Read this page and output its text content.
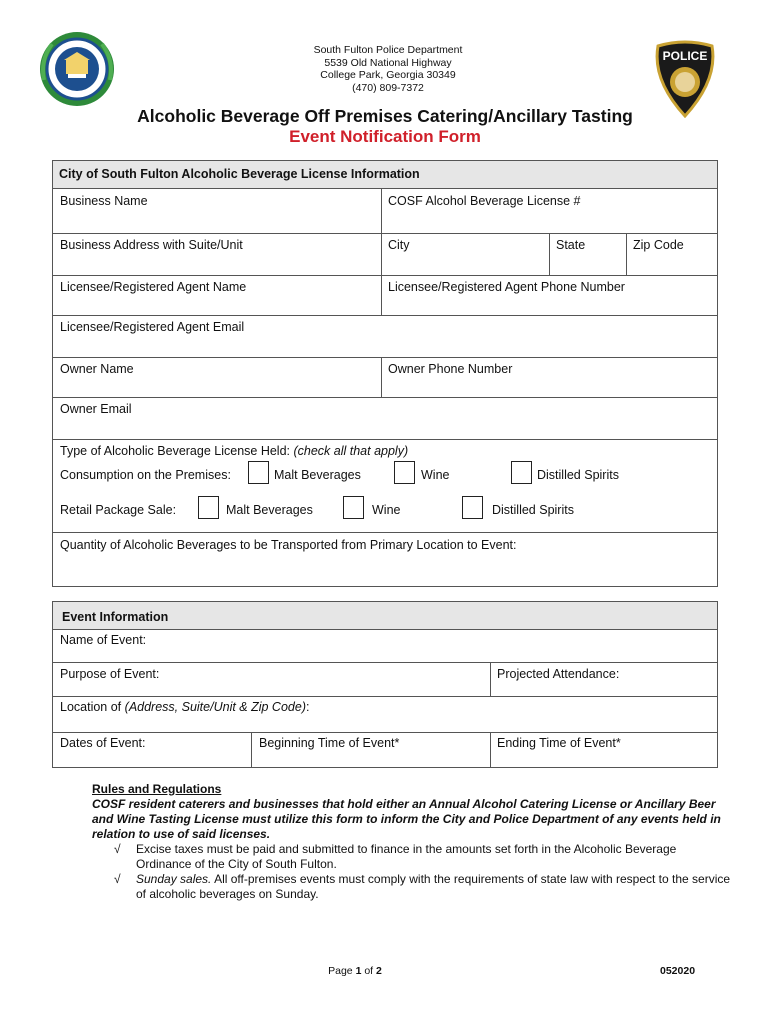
POLICE
South Fulton Police Department
5539 Old National Highway
College Park, Georgia 30349
(470) 809-7372
Alcoholic Beverage Off Premises Catering/Ancillary Tasting
Event Notification Form
City of South Fulton Alcoholic Beverage License Information
Business Name	COSF Alcohol Beverage License #
Business Address with Suite/Unit	City	State	Zip Code
Licensee/Registered Agent Name	Licensee/Registered Agent Phone Number
Licensee/Registered Agent Email
Owner Name	Owner Phone Number
Owner Email
Type of Alcoholic Beverage License Held: (check all that apply)
Consumption on the Premises:	Malt Beverages	Wine	Distilled Spirits
Retail Package Sale:	Malt Beverages	Wine	Distilled Spirits
Quantity of Alcoholic Beverages to be Transported from Primary Location to Event:
Event Information
Name of Event:
Purpose of Event:	Projected Attendance:
Location of (Address, Suite/Unit & Zip Code):
Dates of Event:	Beginning Time of Event*	Ending Time of Event*
Rules and Regulations
COSF resident caterers and businesses that hold either an Annual Alcohol Catering License or Ancillary Beer and Wine Tasting License must utilize this form to inform the City and Police Department of any events held in relation to use of said licenses.
√ Excise taxes must be paid and submitted to finance in the amounts set forth in the Alcoholic Beverage Ordinance of the City of South Fulton.
√ Sunday sales. All off-premises events must comply with the requirements of state law with respect to the service of alcoholic beverages on Sunday.
Page 1 of 2	052020
